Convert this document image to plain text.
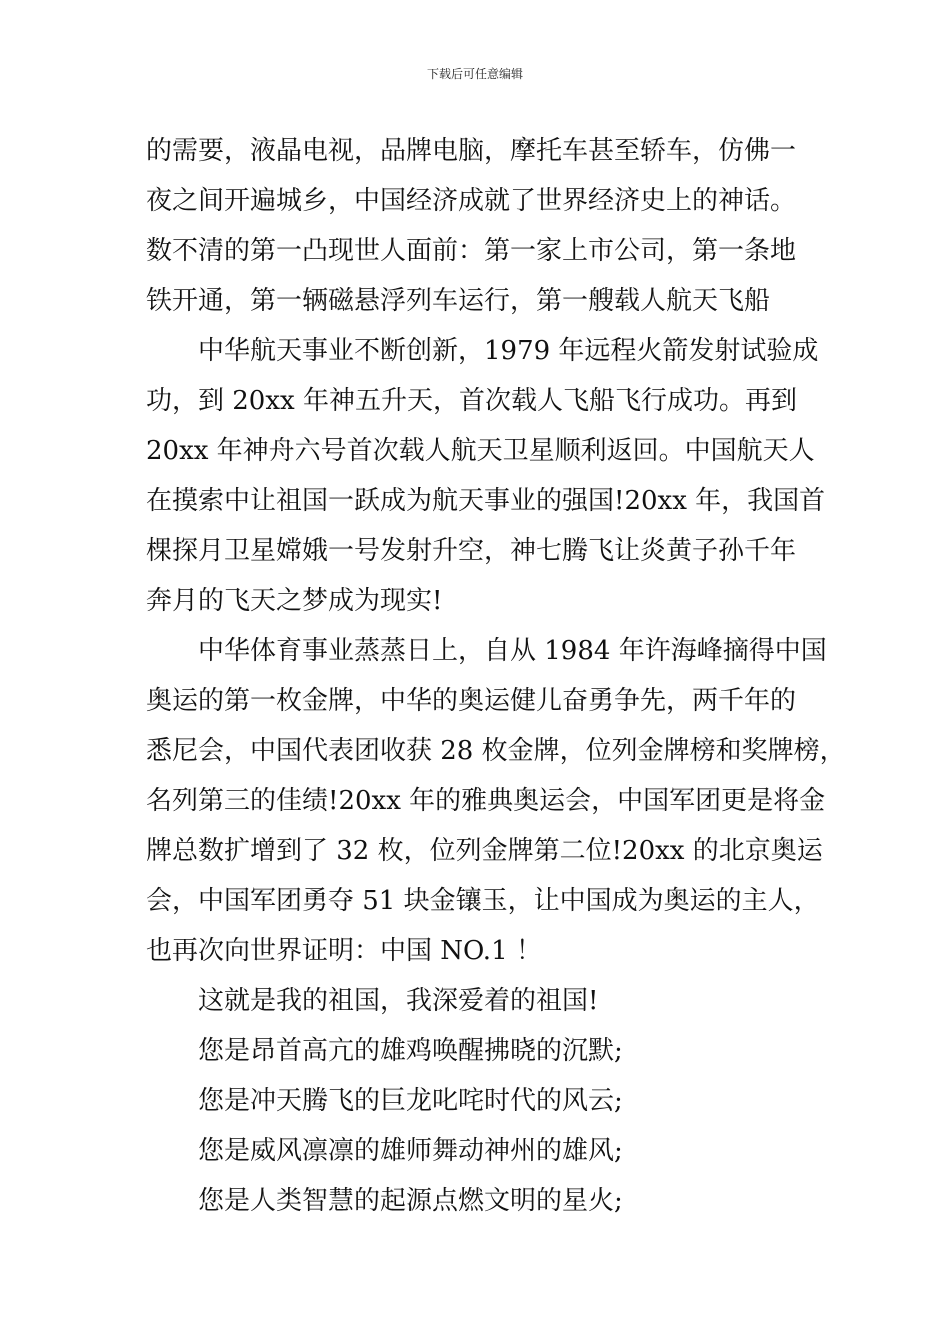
下载后可任意编辑
的需要，液晶电视，品牌电脑，摩托车甚至轿车，仿佛一
夜之间开遍城乡，中国经济成就了世界经济史上的神话。
数不清的第一凸现世人面前：第一家上市公司，第一条地
铁开通，第一辆磁悬浮列车运行，第一艘载人航天飞船
中华航天事业不断创新，1979 年远程火箭发射试验成
功，到 20xx 年神五升天，首次载人飞船飞行成功。再到
20xx 年神舟六号首次载人航天卫星顺利返回。中国航天人
在摸索中让祖国一跃成为航天事业的强国!20xx 年，我国首
棵探月卫星嫦娥一号发射升空，神七腾飞让炎黄子孙千年
奔月的飞天之梦成为现实!
中华体育事业蒸蒸日上，自从 1984 年许海峰摘得中国
奥运的第一枚金牌，中华的奥运健儿奋勇争先，两千年的
悉尼会，中国代表团收获 28 枚金牌，位列金牌榜和奖牌榜，
名列第三的佳绩!20xx 年的雅典奥运会，中国军团更是将金
牌总数扩增到了 32 枚，位列金牌第二位!20xx 的北京奥运
会，中国军团勇夺 51 块金镶玉，让中国成为奥运的主人，
也再次向世界证明：中国 NO.1 ！
这就是我的祖国，我深爱着的祖国!
您是昂首高亢的雄鸡唤醒拂晓的沉默;
您是冲天腾飞的巨龙叱咤时代的风云;
您是威风凛凛的雄师舞动神州的雄风;
您是人类智慧的起源点燃文明的星火;
